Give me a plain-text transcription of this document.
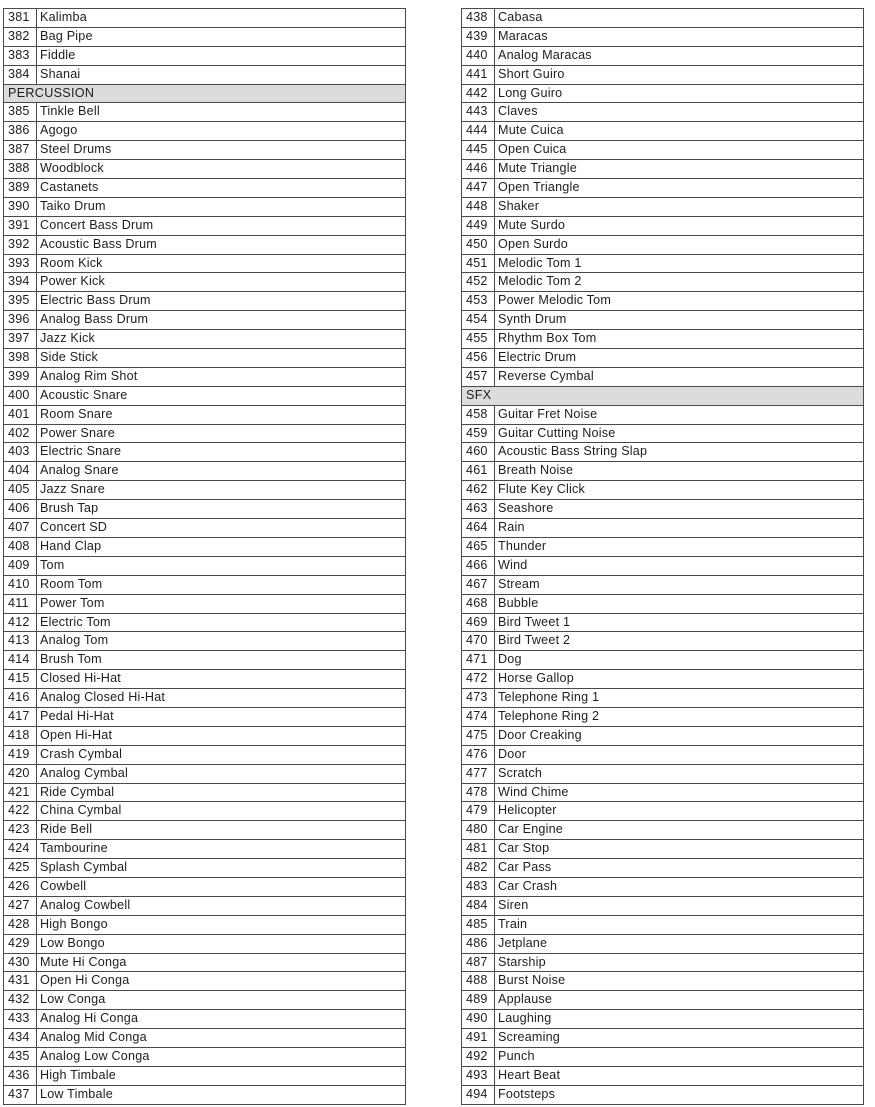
381 Kalimba
382 Bag Pipe
383 Fiddle
384 Shanai
PERCUSSION
385 Tinkle Bell
386 Agogo
387 Steel Drums
388 Woodblock
389 Castanets
390 Taiko Drum
391 Concert Bass Drum
392 Acoustic Bass Drum
393 Room Kick
394 Power Kick
395 Electric Bass Drum
396 Analog Bass Drum
397 Jazz Kick
398 Side Stick
399 Analog Rim Shot
400 Acoustic Snare
401 Room Snare
402 Power Snare
403 Electric Snare
404 Analog Snare
405 Jazz Snare
406 Brush Tap
407 Concert SD
408 Hand Clap
409 Tom
410 Room Tom
411 Power Tom
412 Electric Tom
413 Analog Tom
414 Brush Tom
415 Closed Hi-Hat
416 Analog Closed Hi-Hat
417 Pedal Hi-Hat
418 Open Hi-Hat
419 Crash Cymbal
420 Analog Cymbal
421 Ride Cymbal
422 China Cymbal
423 Ride Bell
424 Tambourine
425 Splash Cymbal
426 Cowbell
427 Analog Cowbell
428 High Bongo
429 Low Bongo
430 Mute Hi Conga
431 Open Hi Conga
432 Low Conga
433 Analog Hi Conga
434 Analog Mid Conga
435 Analog Low Conga
436 High Timbale
437 Low Timbale
438 Cabasa
439 Maracas
440 Analog Maracas
441 Short Guiro
442 Long Guiro
443 Claves
444 Mute Cuica
445 Open Cuica
446 Mute Triangle
447 Open Triangle
448 Shaker
449 Mute Surdo
450 Open Surdo
451 Melodic Tom 1
452 Melodic Tom 2
453 Power Melodic Tom
454 Synth Drum
455 Rhythm Box Tom
456 Electric Drum
457 Reverse Cymbal
SFX
458 Guitar Fret Noise
459 Guitar Cutting Noise
460 Acoustic Bass String Slap
461 Breath Noise
462 Flute Key Click
463 Seashore
464 Rain
465 Thunder
466 Wind
467 Stream
468 Bubble
469 Bird Tweet 1
470 Bird Tweet 2
471 Dog
472 Horse Gallop
473 Telephone Ring 1
474 Telephone Ring 2
475 Door Creaking
476 Door
477 Scratch
478 Wind Chime
479 Helicopter
480 Car Engine
481 Car Stop
482 Car Pass
483 Car Crash
484 Siren
485 Train
486 Jetplane
487 Starship
488 Burst Noise
489 Applause
490 Laughing
491 Screaming
492 Punch
493 Heart Beat
494 Footsteps
